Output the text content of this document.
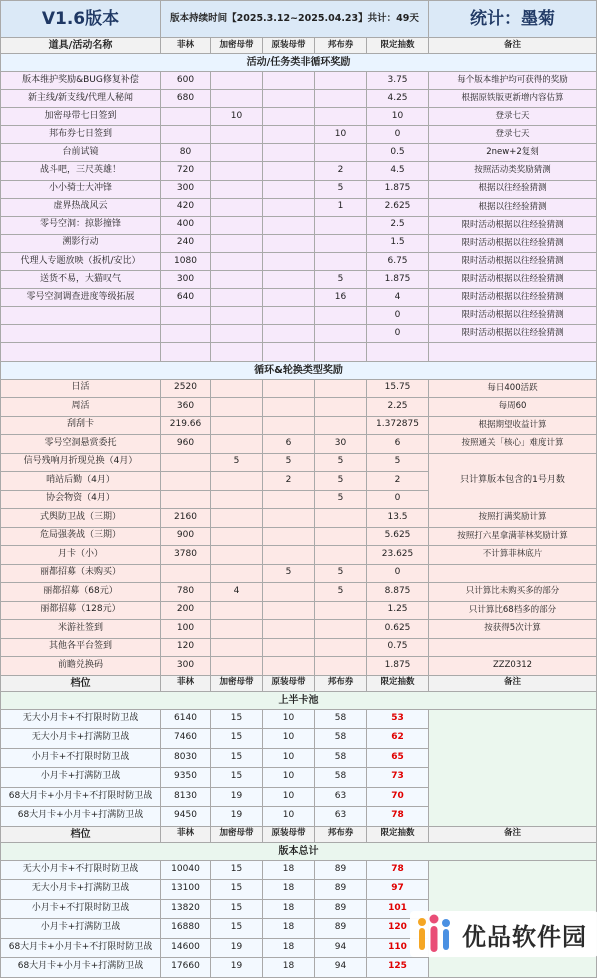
V1.6版本	版本持续时间【2025.3.12~2025.04.23】共计：49天					统计：墨菊
道具/活动名称	菲林	加密母带	原装母带	邦布券	限定抽数	备注
活动/任务类非循环奖励						
版本维护奖励&BUG修复补偿	600				3.75	每个版本维护均可获得的奖励
新主线/新支线/代理人秘闻	680				4.25	根据原铁版更新增内容估算
加密母带七日签到		10			10	登录七天
邦布券七日签到				10	0	登录七天
台前试镜	80				0.5	2new+2复刻
战斗吧，三尺英雄！	720			2	4.5	按照活动类奖励猜测
小小骑士大冲锋	300			5	1.875	根据以往经验猜测
虚界热战风云	420			1	2.625	根据以往经验猜测
零号空洞：掠影撞锋	400				2.5	限时活动根据以往经验猜测
溯影行动	240				1.5	限时活动根据以往经验猜测
代理人专题放映（扳机/安比）	1080				6.75	限时活动根据以往经验猜测
送货不易，大猫叹气	300			5	1.875	限时活动根据以往经验猜测
零号空洞调查进度等级拓展	640			16	4	限时活动根据以往经验猜测
					0	限时活动根据以往经验猜测
					0	限时活动根据以往经验猜测

循环&轮换类型奖励						
日活	2520				15.75	每日400活跃
周活	360				2.25	每周60
刮刮卡	219.66				1.372875	根据期望收益计算
零号空洞悬赏委托	960		6	30	6	按照通关「核心」难度计算
信号残响月折现兑换（4月）		5	5	5	5	只计算版本包含的1号月数
哨站后勤（4月）			2	5	2	
协会物资（4月）				5	0	
式舆防卫战（三期）	2160				13.5	按照打满奖励计算
危局强袭战（三期）	900				5.625	按照打六星拿满菲林奖励计算
月卡（小）	3780				23.625	不计算菲林底片
丽都招募（未购买）			5	5	0	
丽都招募（68元）	780	4		5	8.875	只计算比未购买多的部分
丽都招募（128元）	200				1.25	只计算比68档多的部分
米游社签到	100				0.625	按获得5次计算
其他各平台签到	120				0.75	
前瞻兑换码	300				1.875	ZZZ0312
档位	菲林	加密母带	原装母带	邦布券	限定抽数	备注
上半卡池						
无大小月卡+不打限时防卫战	6140	15	10	58	53	
无大小月卡+打满防卫战	7460	15	10	58	62	
小月卡+不打限时防卫战	8030	15	10	58	65	
小月卡+打满防卫战	9350	15	10	58	73	
68大月卡+小月卡+不打限时防卫战	8130	19	10	63	70	
68大月卡+小月卡+打满防卫战	9450	19	10	63	78	
档位	菲林	加密母带	原装母带	邦布券	限定抽数	备注
版本总计						
无大小月卡+不打限时防卫战	10040	15	18	89	78	
无大小月卡+打满防卫战	13100	15	18	89	97	
小月卡+不打限时防卫战	13820	15	18	89	101	
小月卡+打满防卫战	16880	15	18	89	120	
68大月卡+小月卡+不打限时防卫战	14600	19	18	94	110	
68大月卡+小月卡+打满防卫战	17660	19	18	94	125	
优品软件园
